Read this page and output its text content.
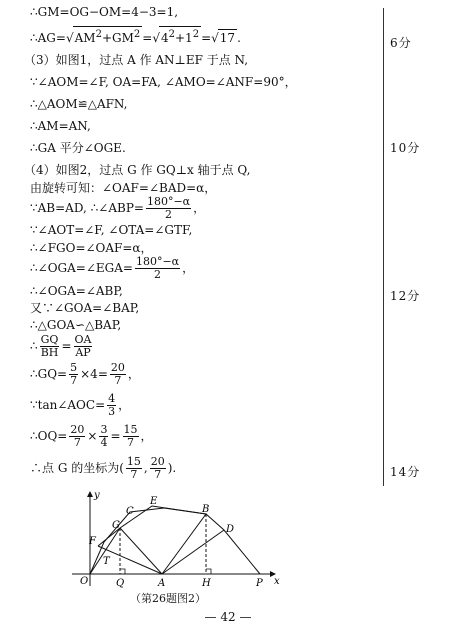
6分
10分
12分
14分
∴GM=OG−OM=4−3=1,
$\therefore AG=√AM^2+GM^2 =√4^2+1^2 =√17$ .
（3）如图1，过点 A 作 AN⊥EF 于点 N,
∵∠AOM=∠F, OA=FA, ∠AMO=∠ANF=90°，
∴△AOM≌△AFN,
∴AM=AN,
∴GA 平分∠OGE.
（4）如图2，过点 G 作 GQ⊥x 轴于点 Q,
由旋转可知：∠OAF=∠BAD=α，
∵AB=AD, ∴∠ABP= $\frac{180^\circ-\alpha}{2}$ ，
∵∠AOT=∠F, ∠OTA=∠GTF,
∴∠FGO=∠OAF=α，
∴∠OGA=∠EGA= $\frac{180^\circ-\alpha}{2}$ ，
∴∠OGA=∠ABP,
又∵∠GOA=∠BAP,
∴△GOA∽△BAP,
∴ $\frac{GQ}{BH} = \frac{OA}{AP}$
∴GQ= $\frac{5}{7} \times 4= \frac{20}{7}$ ，
∵tan∠AOC= $\frac{4}{3}$ ，
∴OQ= $\frac{20}{7} \times \frac{3}{4} = \frac{15}{7}$ ，
∴点 G 的坐标为( $\frac{15}{7}$ , $\frac{20}{7}$ ).
y
x
O	Q	A	H	P
F
T
G
C
E
B
D
（第26题图2）
— 42 —
